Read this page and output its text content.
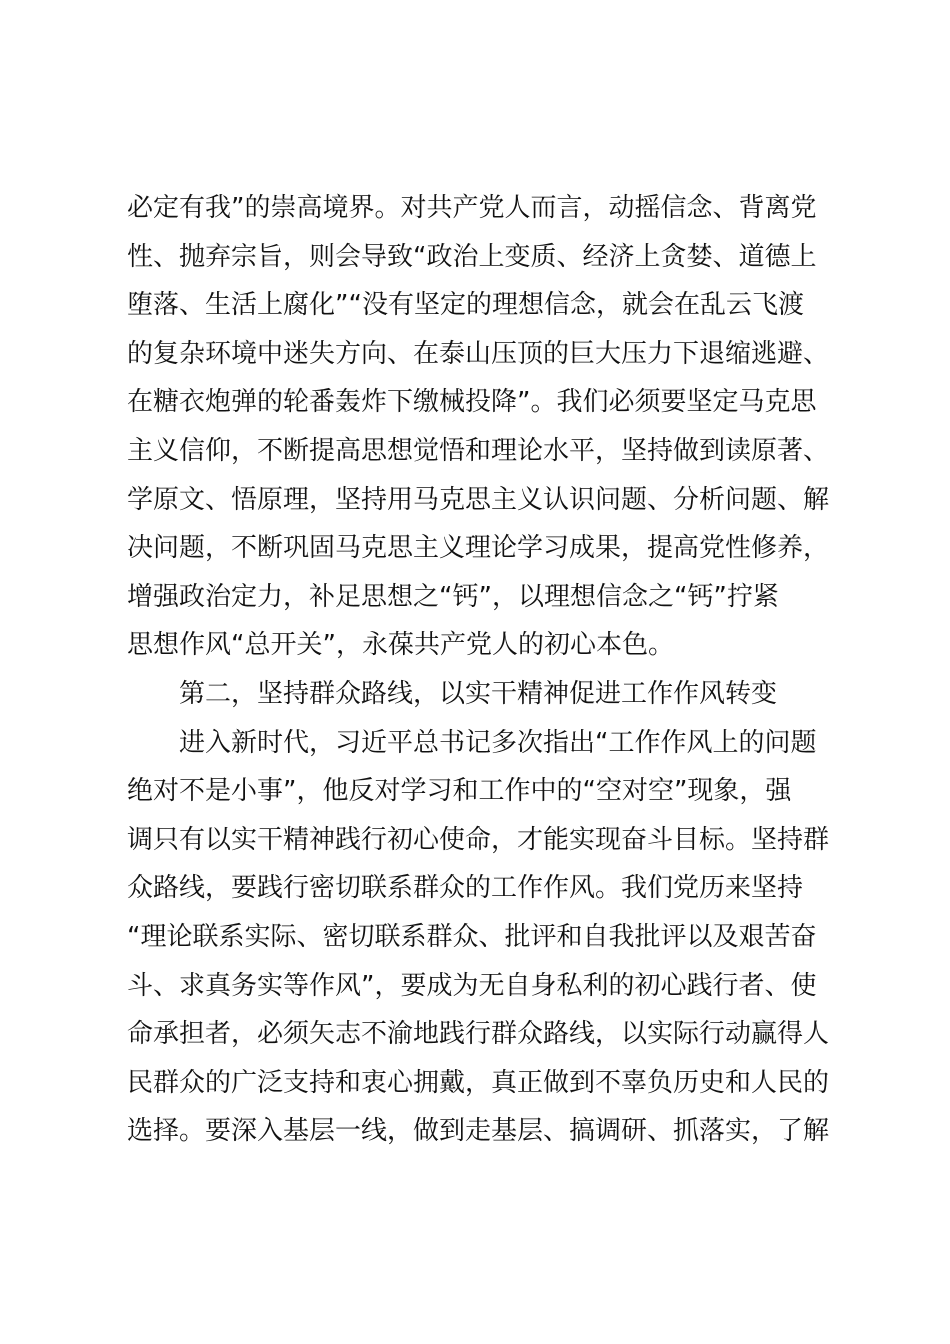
必定有我”的崇高境界。对共产党人而言，动摇信念、背离党
性、抛弃宗旨，则会导致“政治上变质、经济上贪婪、道德上
堕落、生活上腐化”“没有坚定的理想信念，就会在乱云飞渡
的复杂环境中迷失方向、在泰山压顶的巨大压力下退缩逃避、
在糖衣炮弹的轮番轰炸下缴械投降”。我们必须要坚定马克思
主义信仰，不断提高思想觉悟和理论水平，坚持做到读原著、
学原文、悟原理，坚持用马克思主义认识问题、分析问题、解
决问题，不断巩固马克思主义理论学习成果，提高党性修养，
增强政治定力，补足思想之“钙”，以理想信念之“钙”拧紧
思想作风“总开关”，永葆共产党人的初心本色。
第二，坚持群众路线，以实干精神促进工作作风转变
进入新时代，习近平总书记多次指出“工作作风上的问题
绝对不是小事”，他反对学习和工作中的“空对空”现象，强
调只有以实干精神践行初心使命，才能实现奋斗目标。坚持群
众路线，要践行密切联系群众的工作作风。我们党历来坚持
“理论联系实际、密切联系群众、批评和自我批评以及艰苦奋
斗、求真务实等作风”，要成为无自身私利的初心践行者、使
命承担者，必须矢志不渝地践行群众路线，以实际行动赢得人
民群众的广泛支持和衷心拥戴，真正做到不辜负历史和人民的
选择。要深入基层一线，做到走基层、搞调研、抓落实，了解
